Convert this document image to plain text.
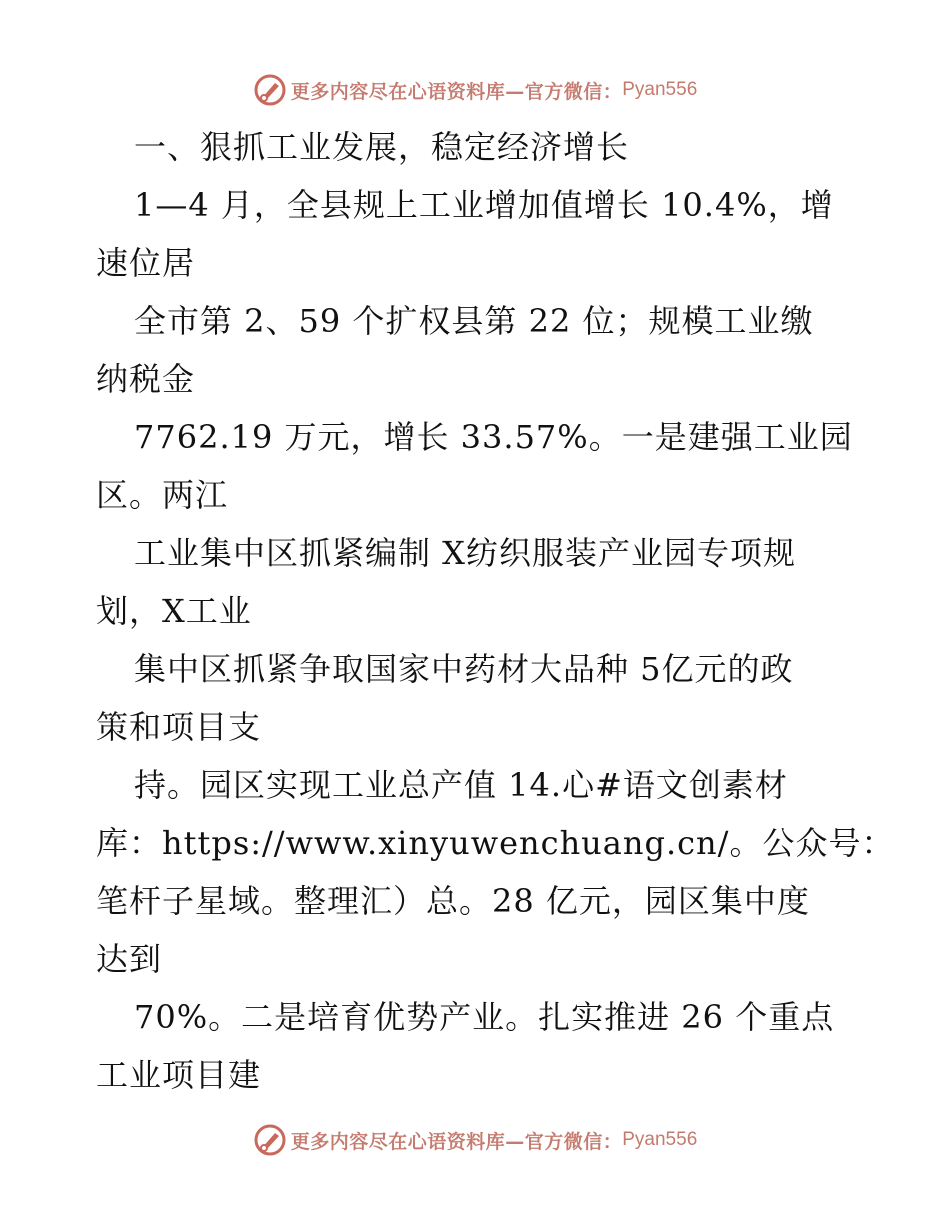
更多内容尽在心语资料库—官方微信： Pyan556
一、狠抓工业发展，稳定经济增长
1—4 月，全县规上工业增加值增长 10.4%，增
速位居
全市第 2、59 个扩权县第 22 位；规模工业缴
纳税金
7762.19 万元，增长 33.57%。一是建强工业园
区。两江
工业集中区抓紧编制 X纺织服装产业园专项规
划，X工业
集中区抓紧争取国家中药材大品种 5亿元的政
策和项目支
持。园区实现工业总产值 14.心#语文创素材
库：https://www.xinyuwenchuang.cn/。公众号：
笔杆子星域。整理汇）总。28 亿元，园区集中度
达到
70%。二是培育优势产业。扎实推进 26 个重点
工业项目建
更多内容尽在心语资料库—官方微信： Pyan556
